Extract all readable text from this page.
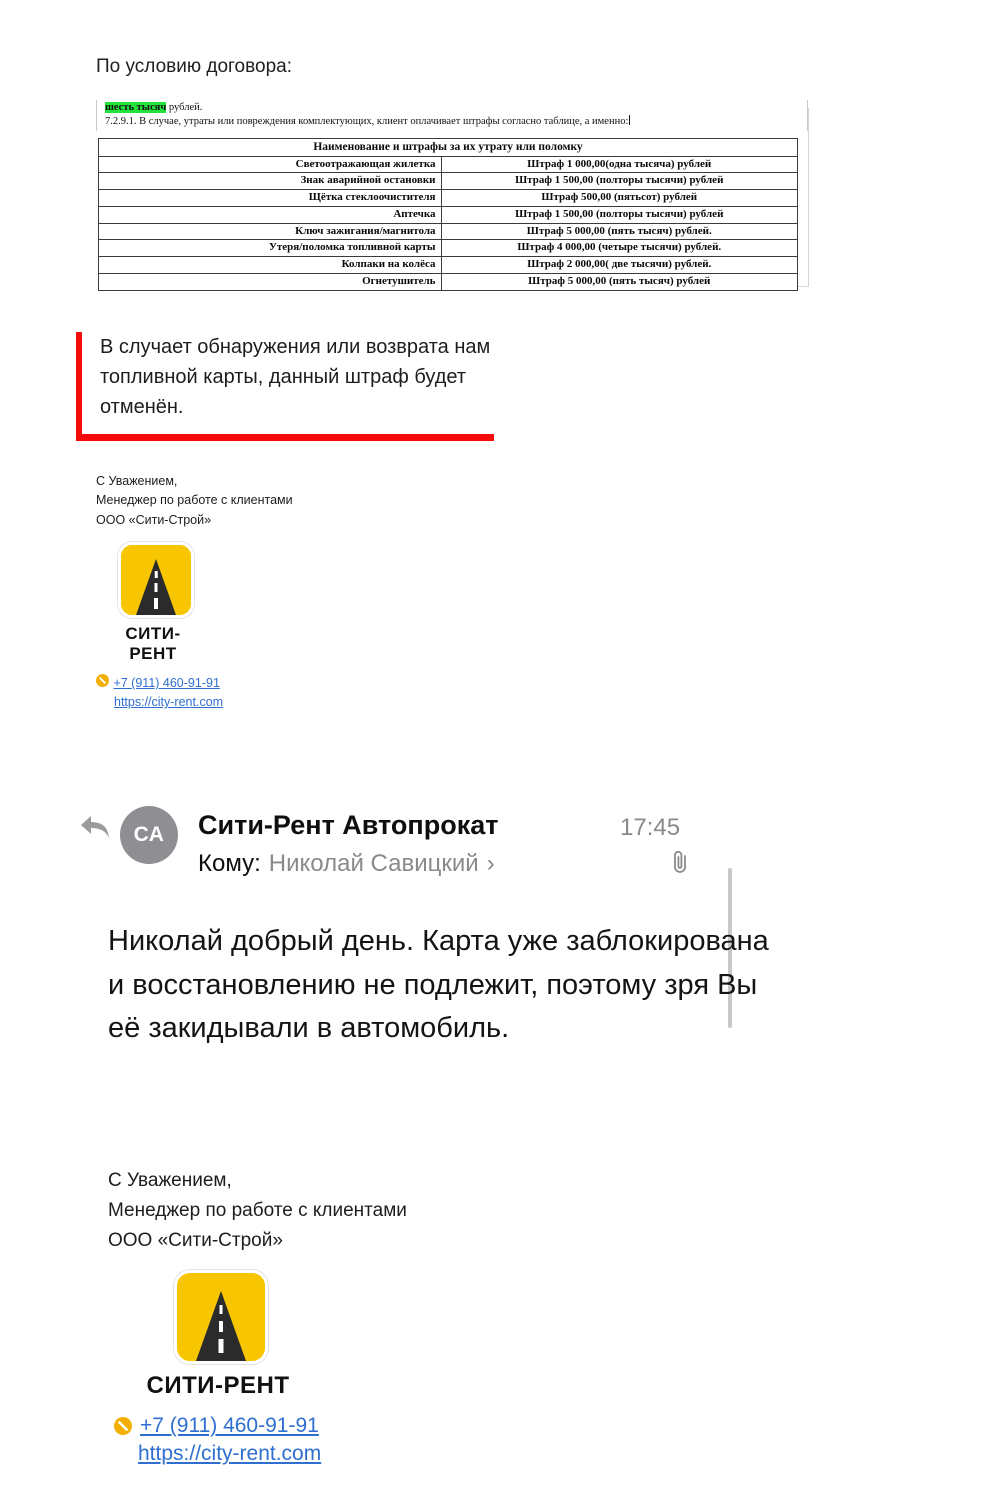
По условию договора:
шесть тысяч рублей.
7.2.9.1. В случае, утраты или повреждения комплектующих, клиент оплачивает штрафы согласно таблице, а именно:
Наименование и штрафы за их утрату или поломку	
Светоотражающая жилетка	Штраф 1 000,00(одна тысяча) рублей
Знак аварийной остановки	Штраф 1 500,00 (полторы тысячи) рублей
Щётка стеклоочистителя	Штраф 500,00 (пятьсот) рублей
Аптечка	Штраф 1 500,00 (полторы тысячи) рублей
Ключ зажигания/магнитола	Штраф 5 000,00 (пять тысяч) рублей.
Утеря/поломка топливной карты	Штраф 4 000,00 (четыре тысячи) рублей.
Колпаки на колёса	Штраф 2 000,00( две тысячи) рублей.
Огнетушитель	Штраф 5 000,00 (пять тысяч) рублей

В случает обнаружения или возврата нам топливной карты, данный штраф будет отменён.

С Уважением,
Менеджер по работе с клиентами
ООО «Сити-Строй»
СИТИ-РЕНТ
+7 (911) 460-91-91
https://city-rent.com
СА	Сити-Рент Автопрокат	17:45
Кому: Николай Савицкий ›
Николай добрый день. Карта уже заблокирована и восстановлению не подлежит, поэтому зря Вы её закидывали в автомобиль.
С Уважением,
Менеджер по работе с клиентами
ООО «Сити-Строй»
СИТИ-РЕНТ
+7 (911) 460-91-91
https://city-rent.com
